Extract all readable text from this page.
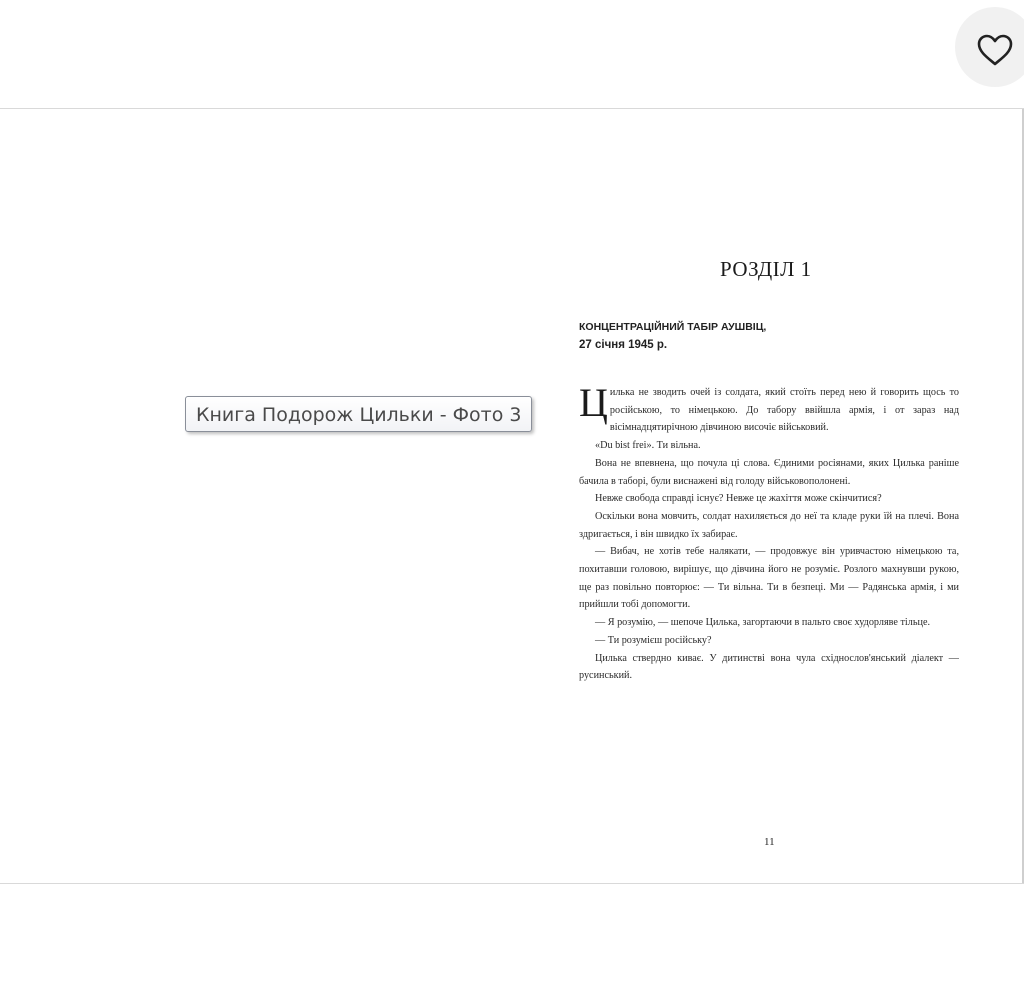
РОЗДІЛ 1
КОНЦЕНТРАЦІЙНИЙ ТАБІР АУШВІЦ,
27 січня 1945 р.

Цилька не зводить очей із солдата, який стоїть перед нею й говорить щось то російською, то німецькою. До табору ввійшла армія, і от зараз над вісімнадцятирічною дівчиною височіє військовий.

«Du bist frei». Ти вільна.

Вона не впевнена, що почула ці слова. Єдиними росіянами, яких Цилька раніше бачила в таборі, були виснажені від голоду військовополонені.

Невже свобода справді існує? Невже це жахіття може скінчитися?

Оскільки вона мовчить, солдат нахиляється до неї та кладе руки їй на плечі. Вона здригається, і він швидко їх забирає.

— Вибач, не хотів тебе налякати, — продовжує він уривчастою німецькою та, похитавши головою, вирішує, що дівчина його не розуміє. Розлого махнувши рукою, ще раз повільно повторює: — Ти вільна. Ти в безпеці. Ми — Радянська армія, і ми прийшли тобі допомогти.

— Я розумію, — шепоче Цилька, загортаючи в пальто своє худорляве тільце.

— Ти розумієш російську?

Цилька ствердно киває. У дитинстві вона чула східнослов'янський діалект — русинський.

11
Книга Подорож Цильки - Фото 3
